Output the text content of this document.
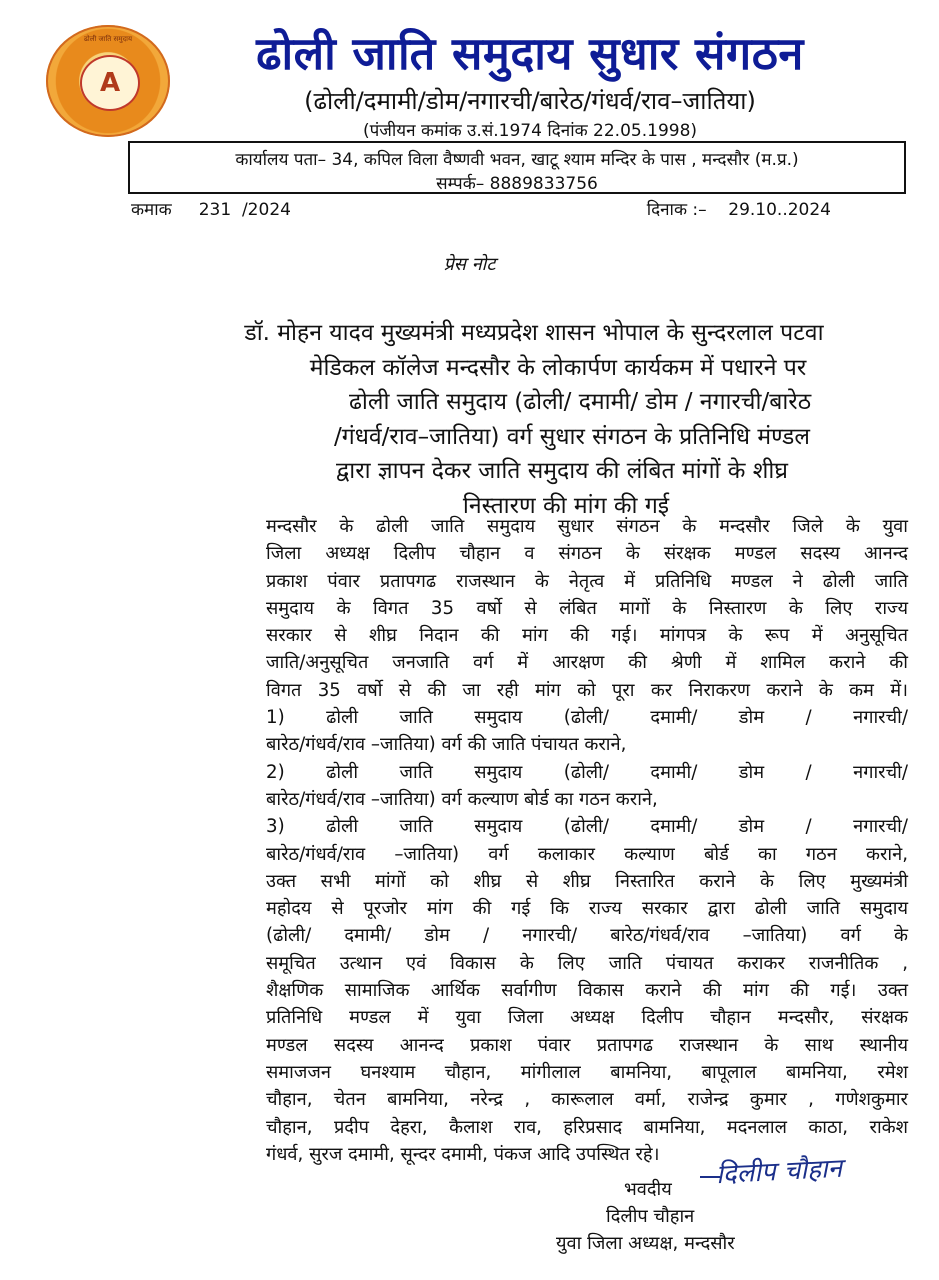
ढोली जाति समुदाय
A
ढोली जाति समुदाय सुधार संगठन
(ढोली/दमामी/डोम/नगारची/बारेठ/गंधर्व/राव–जातिया)
(पंजीयन कमांक उ.सं.1974 दिनांक 22.05.1998)
कार्यालय पता– 34, कपिल विला वैष्णवी भवन, खाटू श्याम मन्दिर के पास , मन्दसौर (म.प्र.)
सम्पर्क– 8889833756
कमाक     231  /2024	दिनाक :–    29.10..2024
प्रेस नोट
डॉ. मोहन यादव मुख्यमंत्री मध्यप्रदेश शासन भोपाल के सुन्दरलाल पटवा
मेडिकल कॉलेज मन्दसौर के लोकार्पण कार्यकम में पधारने पर
ढोली जाति समुदाय (ढोली/ दमामी/ डोम / नगारची/बारेठ
/गंधर्व/राव–जातिया) वर्ग सुधार संगठन के प्रतिनिधि मंण्डल
द्वारा ज्ञापन देकर जाति समुदाय की लंबित मांगों के शीघ्र
निस्तारण की मांग की गई
मन्दसौर के ढोली जाति समुदाय सुधार संगठन के मन्दसौर जिले के युवा
जिला अध्यक्ष दिलीप चौहान व संगठन के संरक्षक मण्डल सदस्य आनन्द
प्रकाश पंवार प्रतापगढ राजस्थान के नेतृत्व में प्रतिनिधि मण्डल ने ढोली जाति
समुदाय के विगत 35 वर्षो से लंबित मागों के निस्तारण के लिए राज्य
सरकार से शीघ्र निदान की मांग की गई। मांगपत्र के रूप में अनुसूचित
जाति/अनुसूचित जनजाति वर्ग में आरक्षण की श्रेणी में शामिल कराने की
विगत 35 वर्षो से की जा रही मांग को पूरा कर निराकरण कराने के कम में।
1) ढोली जाति समुदाय (ढोली/ दमामी/ डोम / नगारची/
बारेठ/गंधर्व/राव –जातिया) वर्ग की जाति पंचायत कराने,
2) ढोली जाति समुदाय (ढोली/ दमामी/ डोम / नगारची/
बारेठ/गंधर्व/राव –जातिया) वर्ग कल्याण बोर्ड का गठन कराने,
3) ढोली जाति समुदाय (ढोली/ दमामी/ डोम / नगारची/
बारेठ/गंधर्व/राव –जातिया) वर्ग कलाकार कल्याण बोर्ड का गठन कराने,
उक्त सभी मांगों को शीघ्र से शीघ्र निस्तारित कराने के लिए मुख्यमंत्री
महोदय से पूरजोर मांग की गई कि राज्य सरकार द्वारा ढोली जाति समुदाय
(ढोली/ दमामी/ डोम / नगारची/ बारेठ/गंधर्व/राव –जातिया) वर्ग के
समूचित उत्थान एवं विकास के लिए जाति पंचायत कराकर राजनीतिक ,
शैक्षणिक सामाजिक आर्थिक सर्वागीण विकास कराने की मांग की गई। उक्त
प्रतिनिधि मण्डल में युवा जिला अध्यक्ष दिलीप चौहान मन्दसौर, संरक्षक
मण्डल सदस्य आनन्द प्रकाश पंवार प्रतापगढ राजस्थान के साथ स्थानीय
समाजजन घनश्याम चौहान, मांगीलाल बामनिया, बापूलाल बामनिया, रमेश
चौहान, चेतन बामनिया, नरेन्द्र , कारूलाल वर्मा, राजेन्द्र कुमार , गणेशकुमार
चौहान, प्रदीप देहरा, कैलाश राव, हरिप्रसाद बामनिया, मदनलाल काठा, राकेश
गंधर्व, सुरज दमामी, सून्दर दमामी, पंकज आदि उपस्थित रहे।	दिलीप चौहान
भवदीय
दिलीप चौहान
युवा जिला अध्यक्ष, मन्दसौर
